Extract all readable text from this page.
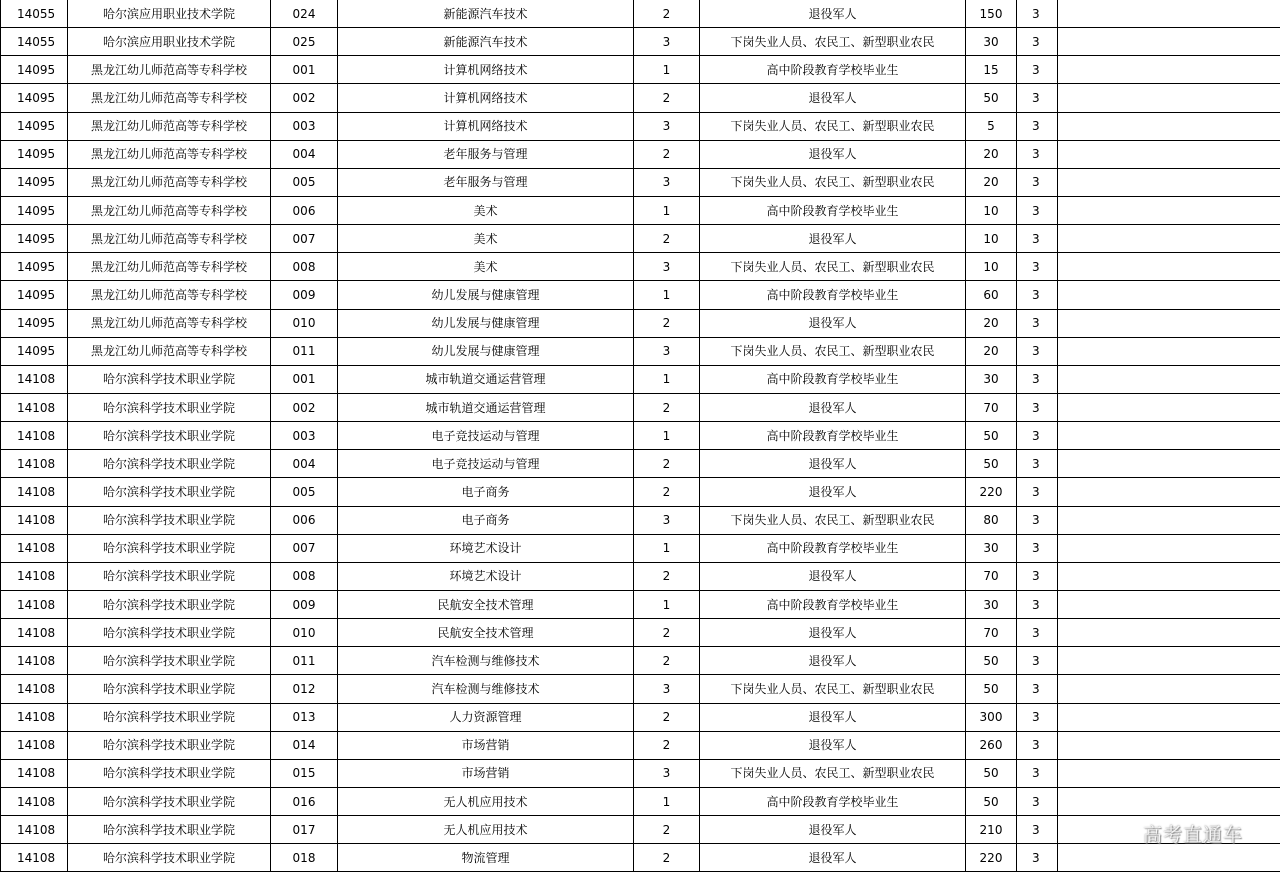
14055	哈尔滨应用职业技术学院	024	新能源汽车技术	2	退役军人	150	3	
14055	哈尔滨应用职业技术学院	025	新能源汽车技术	3	下岗失业人员、农民工、新型职业农民	30	3	
14095	黑龙江幼儿师范高等专科学校	001	计算机网络技术	1	高中阶段教育学校毕业生	15	3	
14095	黑龙江幼儿师范高等专科学校	002	计算机网络技术	2	退役军人	50	3	
14095	黑龙江幼儿师范高等专科学校	003	计算机网络技术	3	下岗失业人员、农民工、新型职业农民	5	3	
14095	黑龙江幼儿师范高等专科学校	004	老年服务与管理	2	退役军人	20	3	
14095	黑龙江幼儿师范高等专科学校	005	老年服务与管理	3	下岗失业人员、农民工、新型职业农民	20	3	
14095	黑龙江幼儿师范高等专科学校	006	美术	1	高中阶段教育学校毕业生	10	3	
14095	黑龙江幼儿师范高等专科学校	007	美术	2	退役军人	10	3	
14095	黑龙江幼儿师范高等专科学校	008	美术	3	下岗失业人员、农民工、新型职业农民	10	3	
14095	黑龙江幼儿师范高等专科学校	009	幼儿发展与健康管理	1	高中阶段教育学校毕业生	60	3	
14095	黑龙江幼儿师范高等专科学校	010	幼儿发展与健康管理	2	退役军人	20	3	
14095	黑龙江幼儿师范高等专科学校	011	幼儿发展与健康管理	3	下岗失业人员、农民工、新型职业农民	20	3	
14108	哈尔滨科学技术职业学院	001	城市轨道交通运营管理	1	高中阶段教育学校毕业生	30	3	
14108	哈尔滨科学技术职业学院	002	城市轨道交通运营管理	2	退役军人	70	3	
14108	哈尔滨科学技术职业学院	003	电子竞技运动与管理	1	高中阶段教育学校毕业生	50	3	
14108	哈尔滨科学技术职业学院	004	电子竞技运动与管理	2	退役军人	50	3	
14108	哈尔滨科学技术职业学院	005	电子商务	2	退役军人	220	3	
14108	哈尔滨科学技术职业学院	006	电子商务	3	下岗失业人员、农民工、新型职业农民	80	3	
14108	哈尔滨科学技术职业学院	007	环境艺术设计	1	高中阶段教育学校毕业生	30	3	
14108	哈尔滨科学技术职业学院	008	环境艺术设计	2	退役军人	70	3	
14108	哈尔滨科学技术职业学院	009	民航安全技术管理	1	高中阶段教育学校毕业生	30	3	
14108	哈尔滨科学技术职业学院	010	民航安全技术管理	2	退役军人	70	3	
14108	哈尔滨科学技术职业学院	011	汽车检测与维修技术	2	退役军人	50	3	
14108	哈尔滨科学技术职业学院	012	汽车检测与维修技术	3	下岗失业人员、农民工、新型职业农民	50	3	
14108	哈尔滨科学技术职业学院	013	人力资源管理	2	退役军人	300	3	
14108	哈尔滨科学技术职业学院	014	市场营销	2	退役军人	260	3	
14108	哈尔滨科学技术职业学院	015	市场营销	3	下岗失业人员、农民工、新型职业农民	50	3	
14108	哈尔滨科学技术职业学院	016	无人机应用技术	1	高中阶段教育学校毕业生	50	3	
14108	哈尔滨科学技术职业学院	017	无人机应用技术	2	退役军人	210	3	
14108	哈尔滨科学技术职业学院	018	物流管理	2	退役军人	220	3	
高考直通车
